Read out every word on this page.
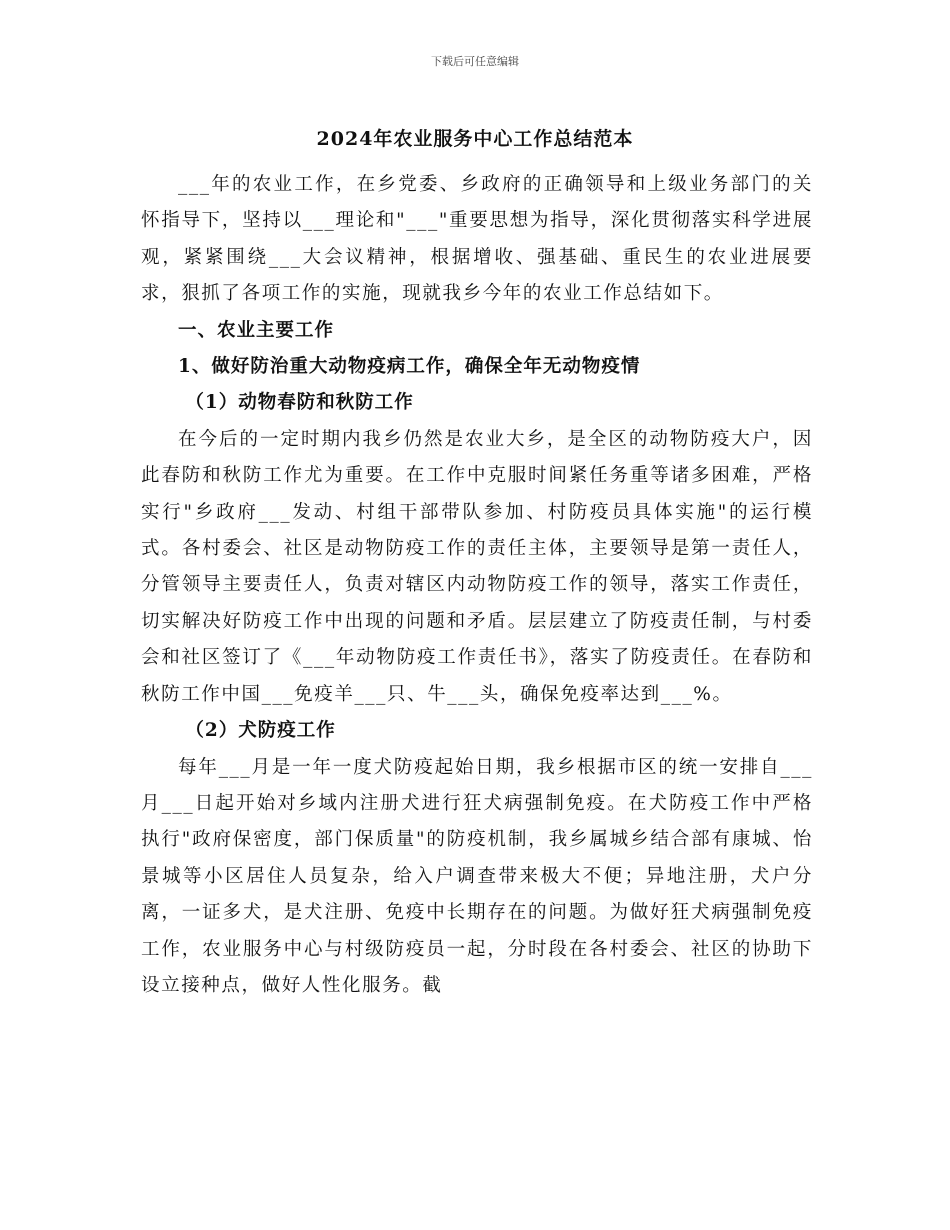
下载后可任意编辑
2024年农业服务中心工作总结范本

___年的农业工作，在乡党委、乡政府的正确领导和上级业务部门的关怀指导下，坚持以___理论和"___"重要思想为指导，深化贯彻落实科学进展观，紧紧围绕___大会议精神，根据增收、强基础、重民生的农业进展要求，狠抓了各项工作的实施，现就我乡今年的农业工作总结如下。

一、农业主要工作

1、做好防治重大动物疫病工作，确保全年无动物疫情

（1）动物春防和秋防工作

在今后的一定时期内我乡仍然是农业大乡，是全区的动物防疫大户，因此春防和秋防工作尤为重要。在工作中克服时间紧任务重等诸多困难，严格实行"乡政府___发动、村组干部带队参加、村防疫员具体实施"的运行模式。各村委会、社区是动物防疫工作的责任主体，主要领导是第一责任人，分管领导主要责任人，负责对辖区内动物防疫工作的领导，落实工作责任，切实解决好防疫工作中出现的问题和矛盾。层层建立了防疫责任制，与村委会和社区签订了《___年动物防疫工作责任书》，落实了防疫责任。在春防和秋防工作中国___免疫羊___只、牛___头，确保免疫率达到___%。

（2）犬防疫工作

每年___月是一年一度犬防疫起始日期，我乡根据市区的统一安排自___月___日起开始对乡域内注册犬进行狂犬病强制免疫。在犬防疫工作中严格执行"政府保密度，部门保质量"的防疫机制，我乡属城乡结合部有康城、怡景城等小区居住人员复杂，给入户调查带来极大不便；异地注册，犬户分离，一证多犬，是犬注册、免疫中长期存在的问题。为做好狂犬病强制免疫工作，农业服务中心与村级防疫员一起，分时段在各村委会、社区的协助下设立接种点，做好人性化服务。截
